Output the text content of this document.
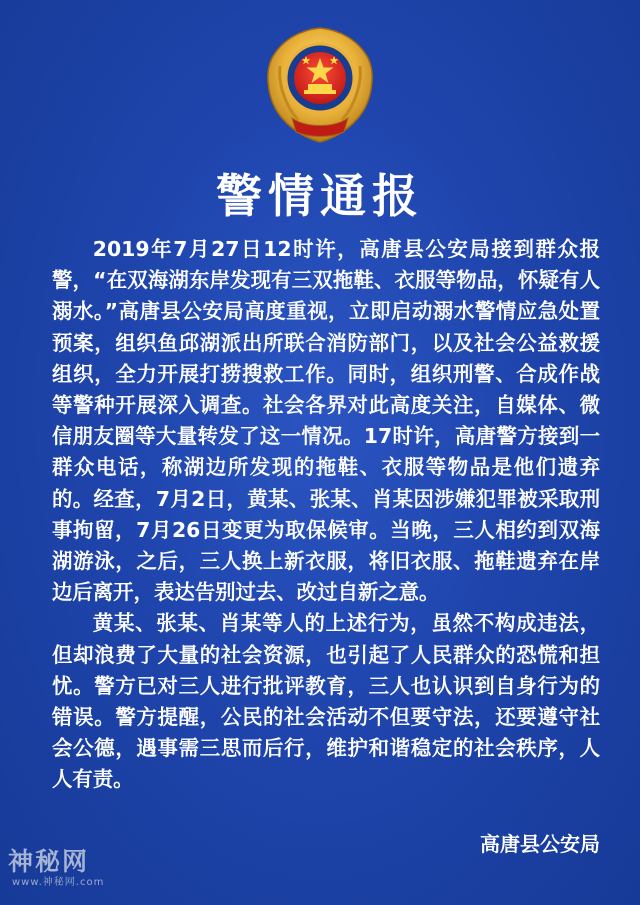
警情通报

2019年7月27日12时许，高唐县公安局接到群众报警，“在双海湖东岸发现有三双拖鞋、衣服等物品，怀疑有人溺水。”高唐县公安局高度重视，立即启动溺水警情应急处置预案，组织鱼邱湖派出所联合消防部门，以及社会公益救援组织，全力开展打捞搜救工作。同时，组织刑警、合成作战等警种开展深入调查。社会各界对此高度关注，自媒体、微信朋友圈等大量转发了这一情况。17时许，高唐警方接到一群众电话，称湖边所发现的拖鞋、衣服等物品是他们遗弃的。经查，7月2日，黄某、张某、肖某因涉嫌犯罪被采取刑事拘留，7月26日变更为取保候审。当晚，三人相约到双海湖游泳，之后，三人换上新衣服，将旧衣服、拖鞋遗弃在岸边后离开，表达告别过去、改过自新之意。

黄某、张某、肖某等人的上述行为，虽然不构成违法，但却浪费了大量的社会资源，也引起了人民群众的恐慌和担忧。警方已对三人进行批评教育，三人也认识到自身行为的错误。警方提醒，公民的社会活动不但要守法，还要遵守社会公德，遇事需三思而后行，维护和谐稳定的社会秩序，人人有责。

高唐县公安局
神秘网
www.神秘网.com
